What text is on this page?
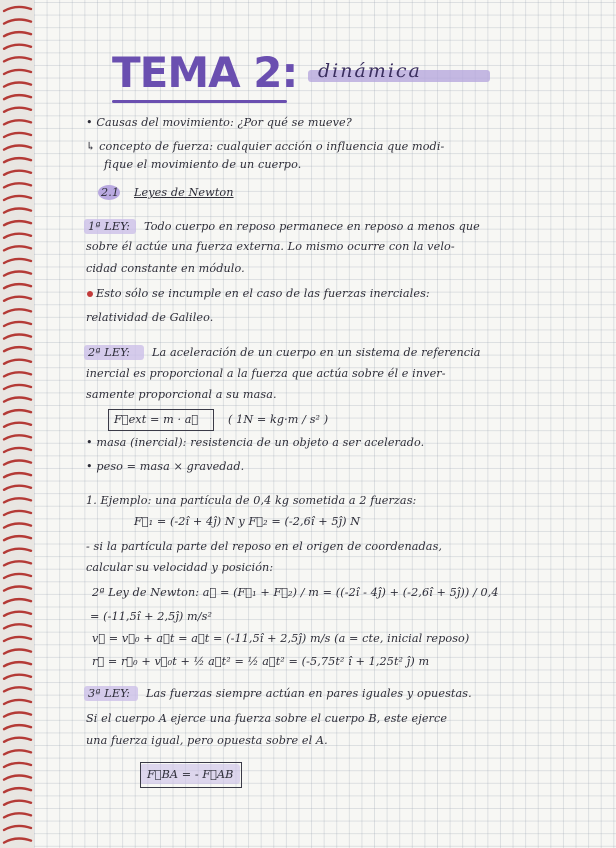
TEMA 2: dinámica
• Causas del movimiento: ¿Por qué se mueve?
↳ concepto de fuerza: cualquier acción o influencia que modi-
fique el movimiento de un cuerpo.
2.1 Leyes de Newton
1ª LEY: Todo cuerpo en reposo permanece en reposo a menos que
sobre él actúe una fuerza externa. Lo mismo ocurre con la velo-
cidad constante en módulo.
Esto sólo se incumple en el caso de las fuerzas inerciales:
relatividad de Galileo.
2ª LEY: La aceleración de un cuerpo en un sistema de referencia
inercial es proporcional a la fuerza que actúa sobre él e inver-
samente proporcional a su masa.
F⃗ext = m · a⃗	( 1N = kg·m / s² )
• masa (inercial): resistencia de un objeto a ser acelerado.
• peso = masa × gravedad.
1. Ejemplo: una partícula de 0,4 kg sometida a 2 fuerzas:
F⃗₁ = (-2î + 4ĵ) N y F⃗₂ = (-2,6î + 5ĵ) N
- si la partícula parte del reposo en el origen de coordenadas,
calcular su velocidad y posición:
2ª Ley de Newton: a⃗ = (F⃗₁ + F⃗₂) / m = ((-2î - 4ĵ) + (-2,6î + 5ĵ)) / 0,4
= (-11,5î + 2,5ĵ) m/s²
v⃗ = v⃗₀ + a⃗t = a⃗t = (-11,5î + 2,5ĵ) m/s (a = cte, inicial reposo)
r⃗ = r⃗₀ + v⃗₀t + ½ a⃗t² = ½ a⃗t² = (-5,75t² î + 1,25t² ĵ) m
3ª LEY: Las fuerzas siempre actúan en pares iguales y opuestas.
Si el cuerpo A ejerce una fuerza sobre el cuerpo B, este ejerce
una fuerza igual, pero opuesta sobre el A.
F⃗BA = - F⃗AB
